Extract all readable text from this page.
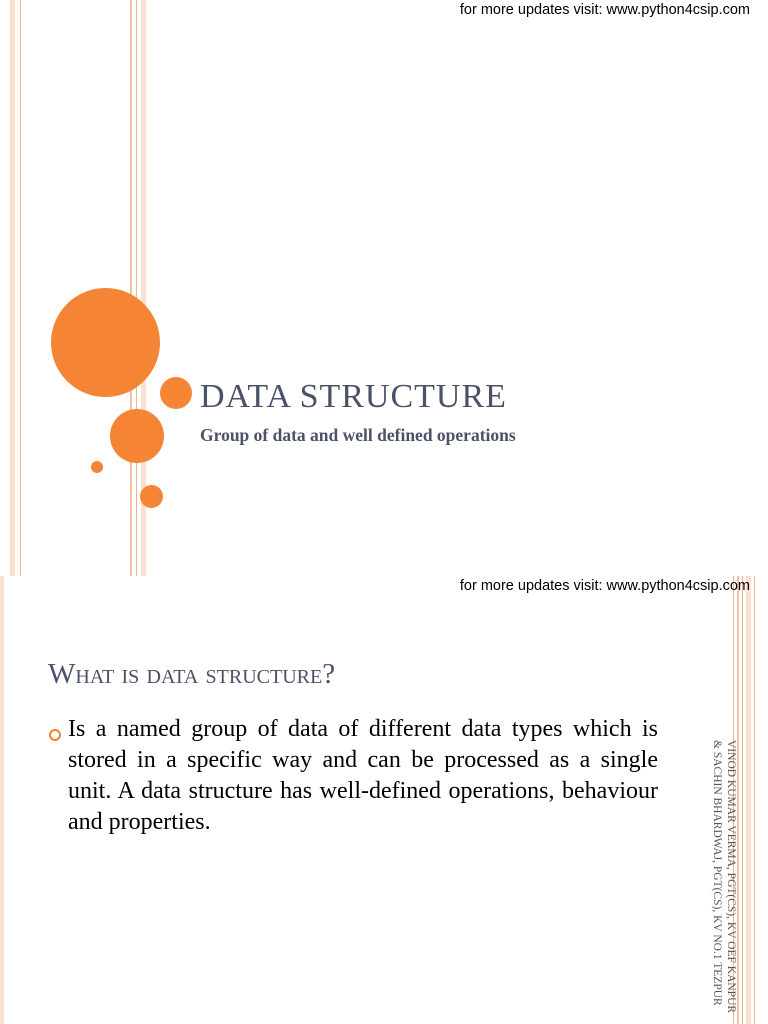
for more updates visit: www.python4csip.com
DATA STRUCTURE
Group of data and well defined operations
for more updates visit: www.python4csip.com
What is data structure?

Is a named group of data of different data types which is stored in a specific way and can be processed as a single unit. A data structure has well-defined operations, behaviour and properties.	VINOD KUMAR VERMA, PGT(CS), KV OEF KANPUR
& SACHIN BHARDWAJ, PGT(CS), KV NO.1 TEZPUR
